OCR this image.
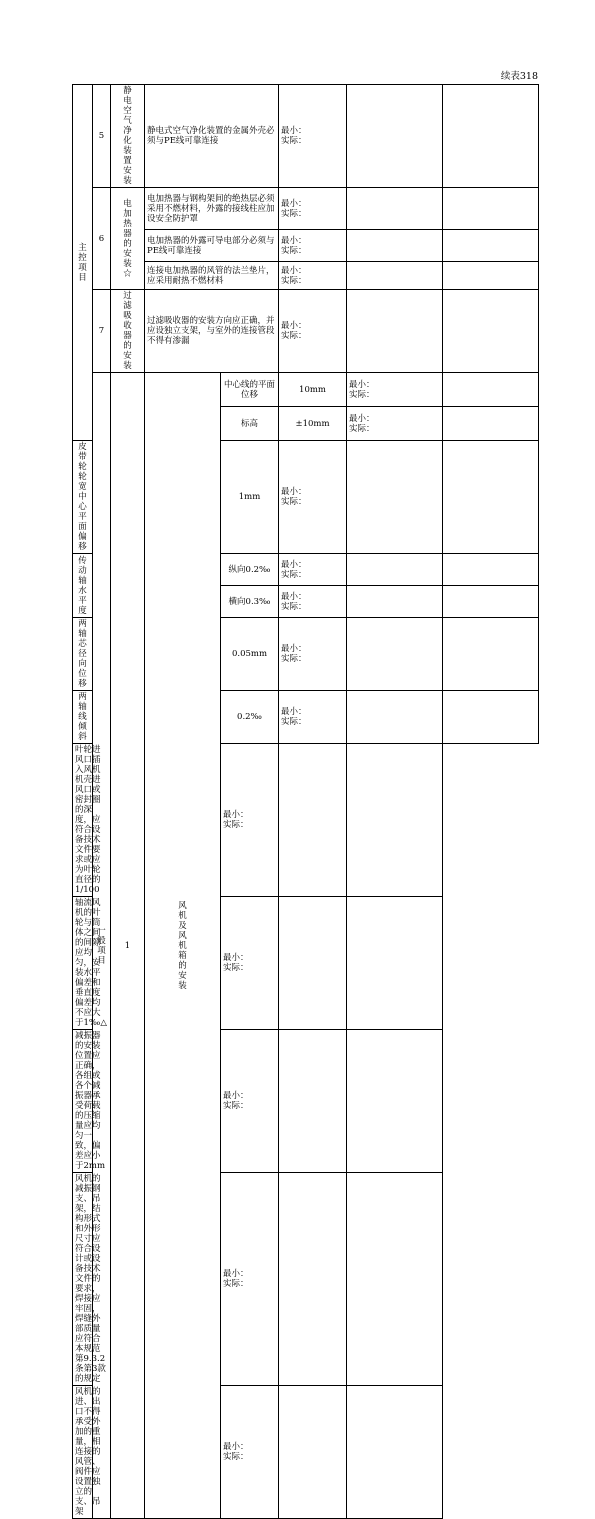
续表318
主控项目	5	静电空气净化装置安装	静电式空气净化装置的金属外壳必须与PE线可靠连接		最小：
实际：			

	6	电加热器的安装☆	电加热器与钢构架间的绝热层必须采用不燃材料，外露的接线柱应加设安全防护罩		最小：
实际：			

			电加热器的外露可导电部分必须与PE线可靠连接		最小：
实际：			

			连接电加热器的风管的法兰垫片，应采用耐热不燃材料		最小：
实际：			

	7	过滤吸收器的安装	过滤吸收器的安装方向应正确，并应设独立支架，与室外的连接管段不得有渗漏		最小：
实际：			

	一般项目	1	风机及风机箱的安装	中心线的平面位移	10mm	最小：
实际：		

				标高	±10mm	最小：
实际：		

皮带轮轮宽中心平面偏移				1mm	最小：
实际：			

传动轴水平度				纵向0.2‰	最小：
实际：			

				横向0.3‰	最小：
实际：			

两轴芯径向位移				0.05mm	最小：
实际：			

两轴线倾斜				0.2‰	最小：
实际：			

叶轮进风口插入风机机壳进风口或密封圈的深度，应符合设备技术文件要求或应为叶轮直径的1/100				最小：
实际：				

轴流风机的叶轮与筒体之间的间隙应均匀，安装水平偏差和垂直度偏差均不应大于1‰△				最小：
实际：				

减振器的安装位置应正确，各组或各个减振器承受荷载的压缩量应均匀一致，偏差应小于2mm				最小：
实际：				

风机的减振钢支、吊架，结构形式和外形尺寸应符合设计或设备技术文件的要求，焊接应牢固，焊缝外部质量应符合本规范第9.3.2条第3款的规定				最小：
实际：				

风机的进、出口不得承受外加的重量，相连接的风管、阀件应设置独立的支、吊架				最小：
实际：				
